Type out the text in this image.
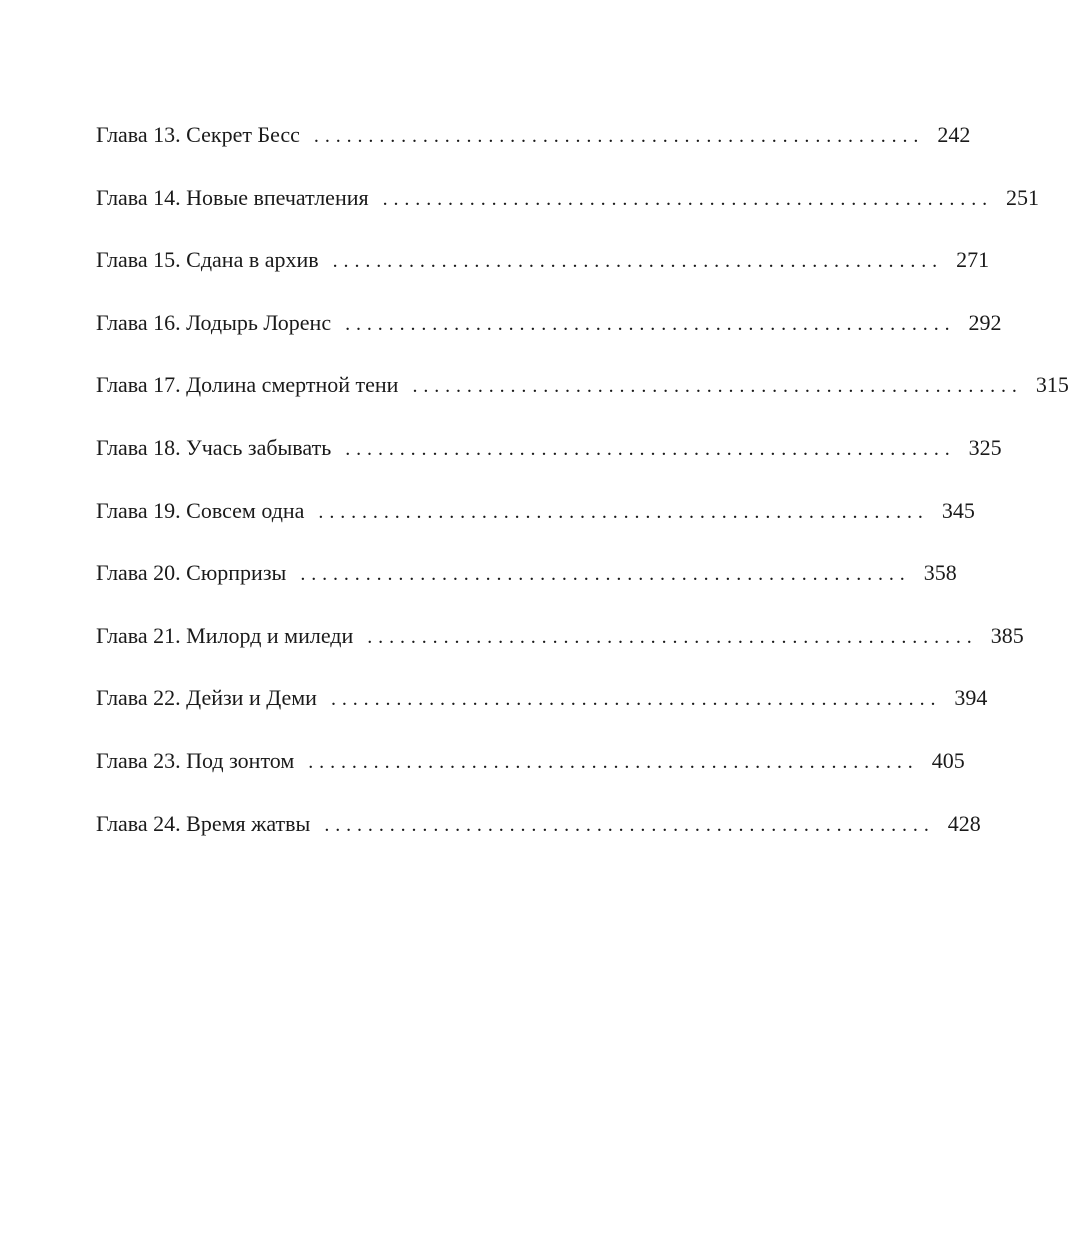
Глава 13. Секрет Бесс ........................................................ 242
Глава 14. Новые впечатления ........................................................ 251
Глава 15. Сдана в архив ........................................................ 271
Глава 16. Лодырь Лоренс ........................................................ 292
Глава 17. Долина смертной тени ........................................................ 315
Глава 18. Учась забывать ........................................................ 325
Глава 19. Совсем одна ........................................................ 345
Глава 20. Сюрпризы ........................................................ 358
Глава 21. Милорд и миледи ........................................................ 385
Глава 22. Дейзи и Деми ........................................................ 394
Глава 23. Под зонтом ........................................................ 405
Глава 24. Время жатвы ........................................................ 428
